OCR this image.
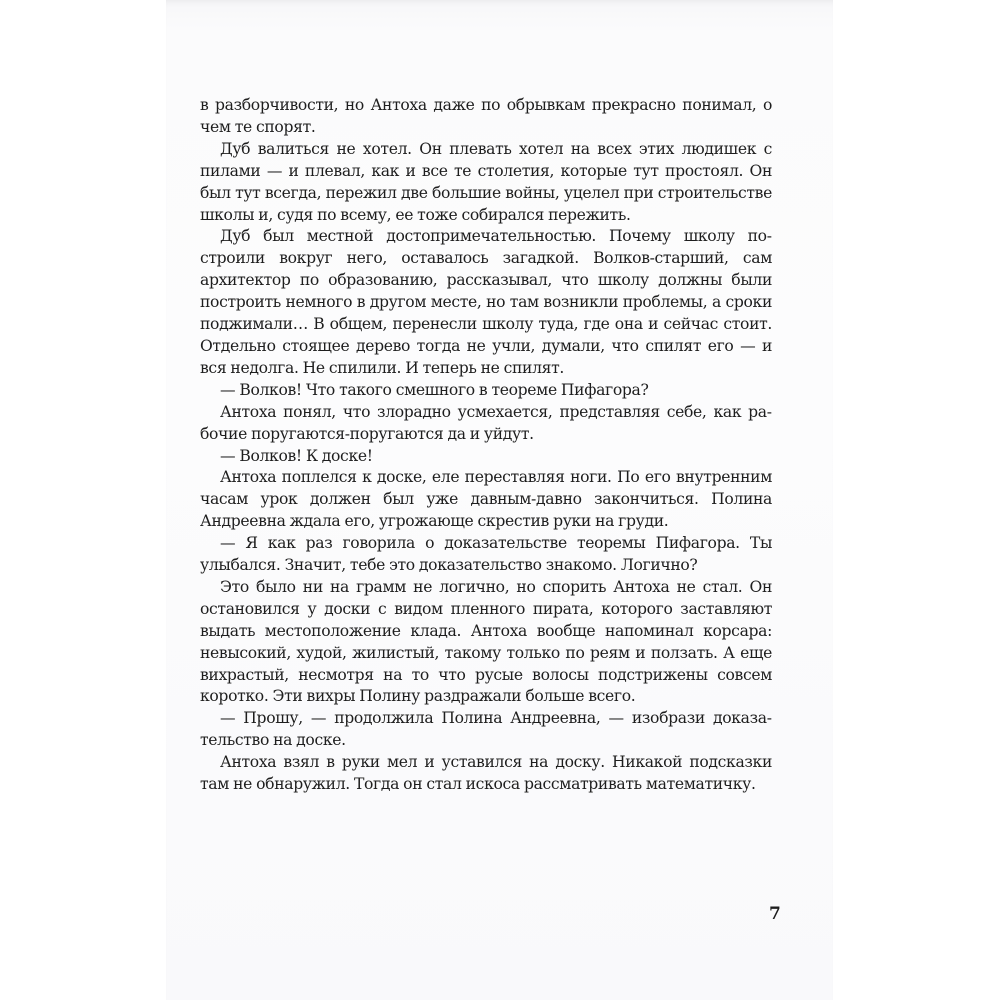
в разборчивости, но Антоха даже по обрывкам прекрасно понимал, о чем те спорят.

Дуб валиться не хотел. Он плевать хотел на всех этих людишек с пилами — и плевал, как и все те столетия, которые тут простоял. Он был тут всегда, пережил две большие войны, уцелел при строительстве школы и, судя по всему, ее тоже собирался пережить.

Дуб был местной достопримечательностью. Почему школу построили вокруг него, оставалось загадкой. Волков-старший, сам архитектор по образованию, рассказывал, что школу должны были построить немного в другом месте, но там возникли проблемы, а сроки поджимали… В общем, перенесли школу туда, где она и сейчас стоит. Отдельно стоящее дерево тогда не учли, думали, что спилят его — и вся недолга. Не спилили. И теперь не спилят.

— Волков! Что такого смешного в теореме Пифагора?

Антоха понял, что злорадно усмехается, представляя себе, как рабочие поругаются-поругаются да и уйдут.

— Волков! К доске!

Антоха поплелся к доске, еле переставляя ноги. По его внутренним часам урок должен был уже давным-давно закончиться. Полина Андреевна ждала его, угрожающе скрестив руки на груди.

— Я как раз говорила о доказательстве теоремы Пифагора. Ты улыбался. Значит, тебе это доказательство знакомо. Логично?

Это было ни на грамм не логично, но спорить Антоха не стал. Он остановился у доски с видом пленного пирата, которого заставляют выдать местоположение клада. Антоха вообще напоминал корсара: невысокий, худой, жилистый, такому только по реям и ползать. А еще вихрастый, несмотря на то что русые волосы подстрижены совсем коротко. Эти вихры Полину раздражали больше всего.

— Прошу, — продолжила Полина Андреевна, — изобрази доказательство на доске.

Антоха взял в руки мел и уставился на доску. Никакой подсказки там не обнаружил. Тогда он стал искоса рассматривать математичку.

7
